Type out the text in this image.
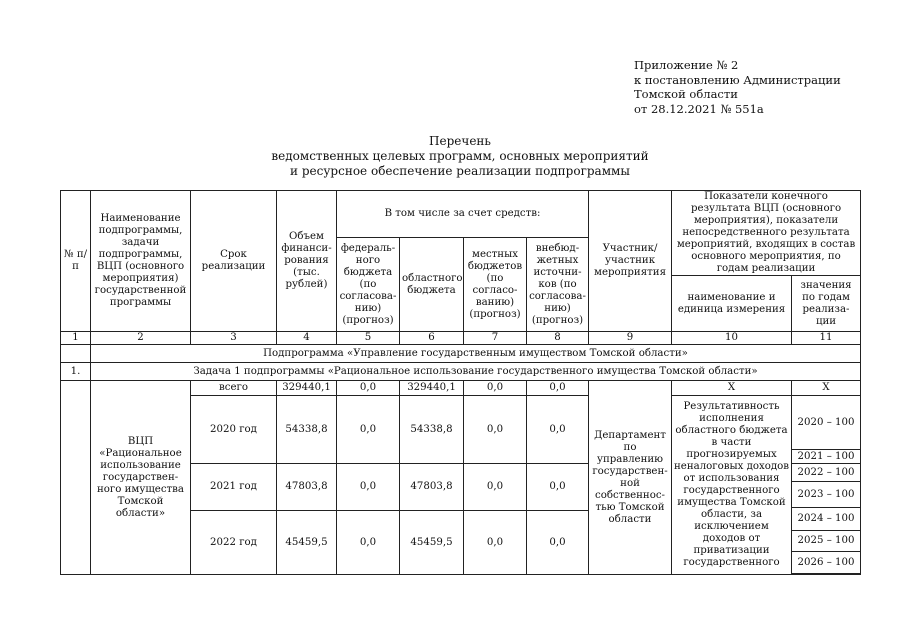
Приложение № 2
к постановлению Администрации
Томской области
от 28.12.2021 № 551а
Перечень
ведомственных целевых программ, основных мероприятий
и ресурсное обеспечение реализации подпрограммы
№ п/п	Наименование подпрограммы, задачи подпрограммы, ВЦП (основного мероприятия) государственной программы	Срок реализации	Объем финанси-рования (тыс. рублей)	В том числе за счет средств:				Участник/ участник мероприятия	Показатели конечного результата ВЦП (основного мероприятия), показатели непосредственного результата мероприятий, входящих в состав основного мероприятия, по годам реализации	
				федераль-ного бюджета (по согласова-нию) (прогноз)	областного бюджета	местных бюджетов (по согласо-ванию) (прогноз)	внебюд-жетных источни-ков (по согласова-нию) (прогноз)			
									наименование и единица измерения	значения по годам реализа-ции
1	2	3	4	5	6	7	8	9	10	11
	Подпрограмма «Управление государственным имуществом Томской области»									
1.	Задача 1 подпрограммы «Рациональное использование государственного имущества Томской области»									
	ВЦП «Рациональное использование государствен-ного имущества Томской области»	всего	329440,1	0,0	329440,1	0,0	0,0	Департамент по управлению государствен-ной собственнос-тью Томской области	Х	Х
		2020 год	54338,8	0,0	54338,8	0,0	0,0		Результативность исполнения областного бюджета в части прогнозируемых неналоговых доходов от использования государственного имущества Томской области, за исключением доходов от приватизации государственного	2020 – 100
										2021 – 100
		2021 год	47803,8	0,0	47803,8	0,0	0,0			2022 – 100
										2023 – 100
										2024 – 100
		2022 год	45459,5	0,0	45459,5	0,0	0,0			
										2025 – 100
										2026 – 100
